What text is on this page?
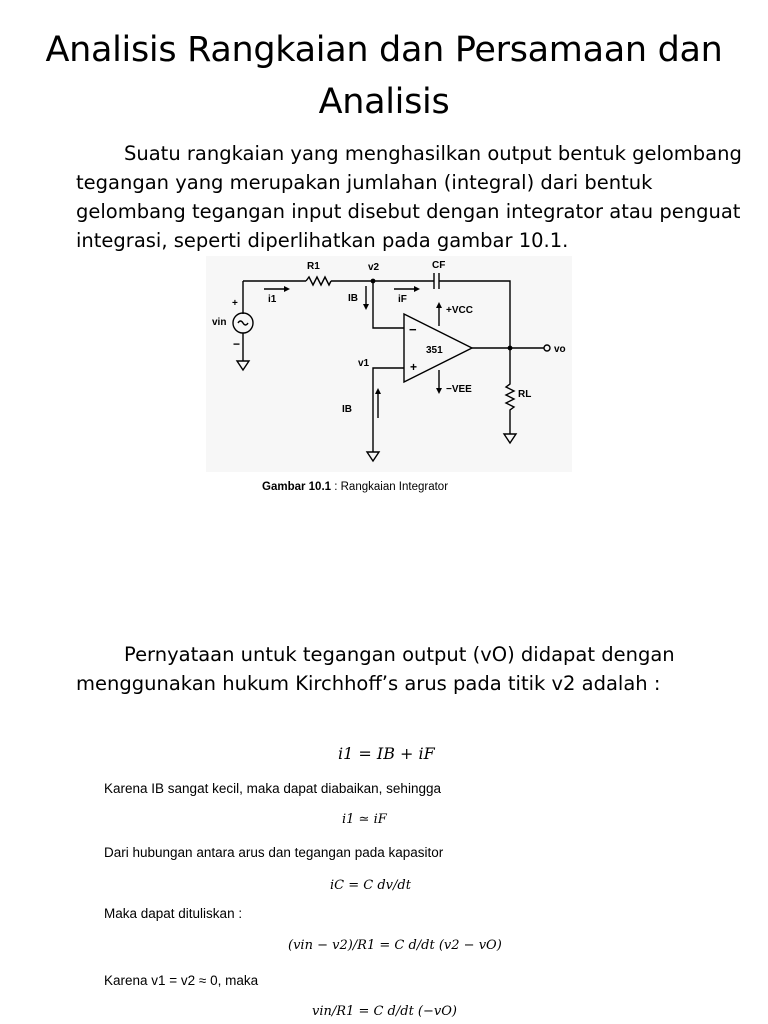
Analisis Rangkaian dan Persamaan dan Analisis

Suatu rangkaian yang menghasilkan output bentuk gelombang tegangan yang merupakan jumlahan (integral) dari bentuk gelombang tegangan input disebut dengan integrator atau penguat integrasi, seperti diperlihatkan pada gambar 10.1.

R1	v2	CF
i1	IB	iF
+VCC
−
+
351	vo
vin
+
−
v1
−VEE	RL
IB
Gambar 10.1 : Rangkaian Integrator

Pernyataan untuk tegangan output (vO) didapat dengan menggunakan hukum Kirchhoff’s arus pada titik v2 adalah :

i1 = IB + iF
Karena IB sangat kecil, maka dapat diabaikan, sehingga
i1 ≃ iF
Dari hubungan antara arus dan tegangan pada kapasitor
iC = C dv/dt
Maka dapat dituliskan :
(vin − v2)/R1 = C d/dt (v2 − vO)
Karena v1 = v2 ≈ 0, maka
vin/R1 = C d/dt (−vO)
